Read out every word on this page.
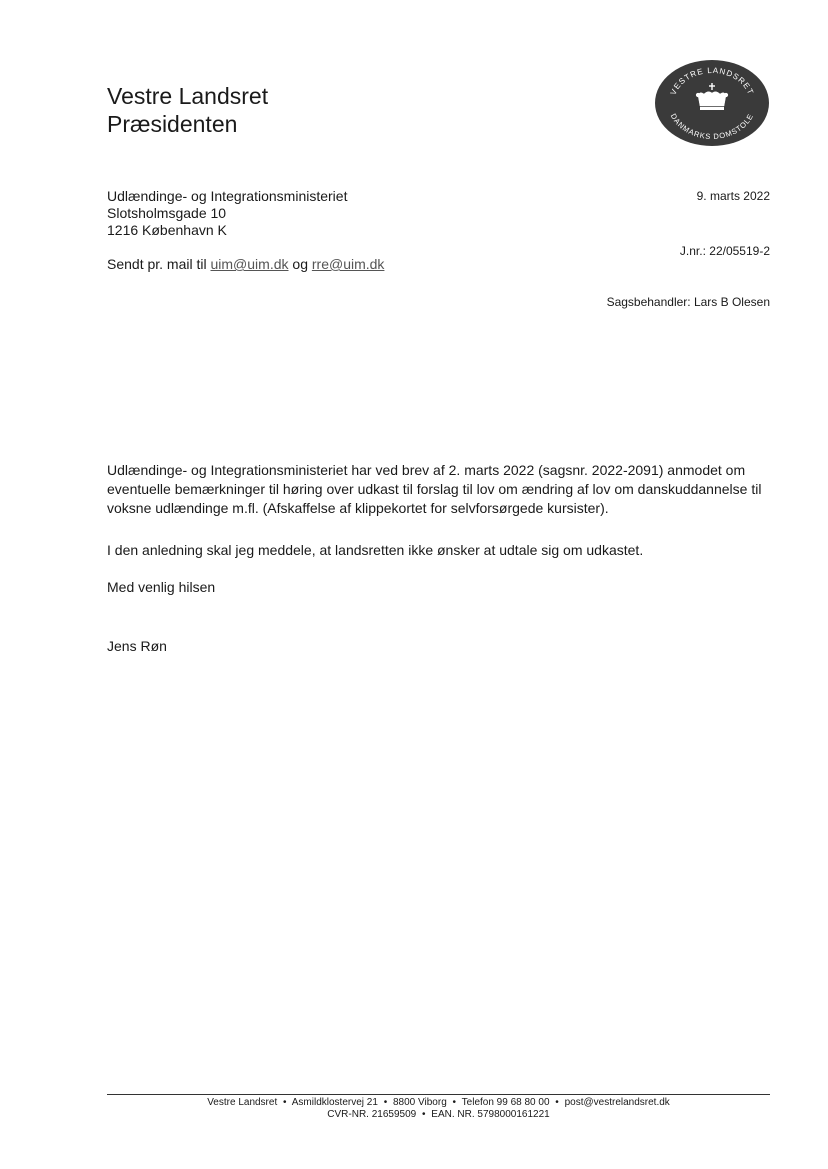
Vestre Landsret
Præsidenten
VESTRE LANDSRET
DANMARKS DOMSTOLE
Udlændinge- og Integrationsministeriet
Slotsholmsgade 10
1216 København K
Sendt pr. mail til uim@uim.dk og rre@uim.dk
9. marts 2022
J.nr.: 22/05519-2
Sagsbehandler: Lars B Olesen

Udlændinge- og Integrationsministeriet har ved brev af 2. marts 2022 (sagsnr. 2022-2091) anmodet om eventuelle bemærkninger til høring over udkast til forslag til lov om ændring af lov om danskuddannelse til voksne udlændinge m.fl. (Afskaffelse af klippekortet for selvforsørgede kursister).

I den anledning skal jeg meddele, at landsretten ikke ønsker at udtale sig om udkastet.

Med venlig hilsen

Jens Røn

Vestre Landsret • Asmildklostervej 21 • 8800 Viborg • Telefon 99 68 80 00 • post@vestrelandsret.dk
CVR-NR. 21659509 • EAN. NR. 5798000161221
